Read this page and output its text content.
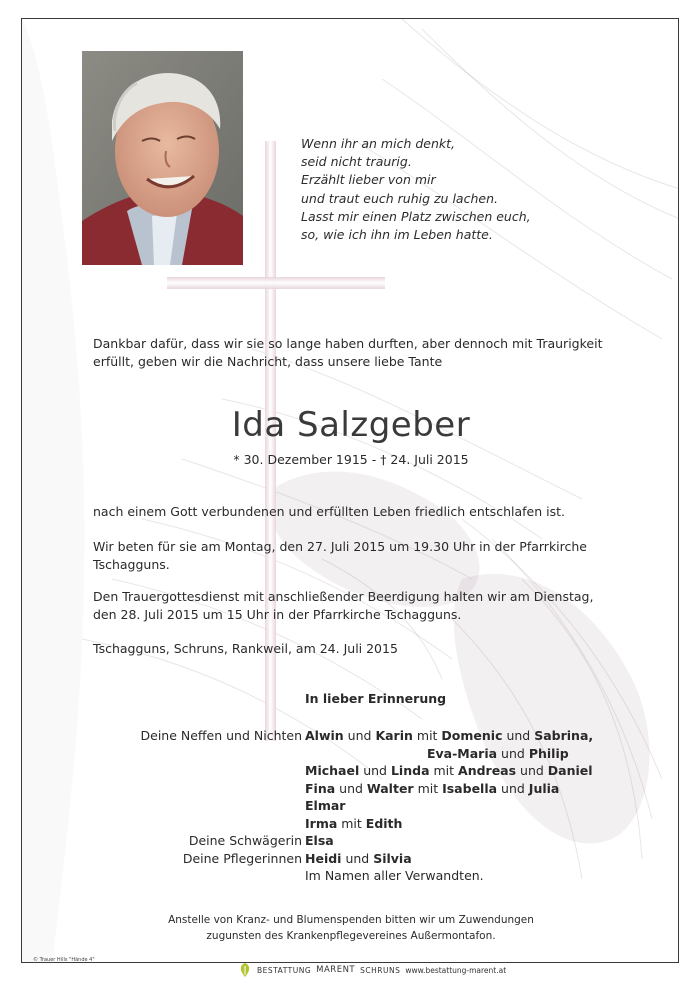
Wenn ihr an mich denkt,
seid nicht traurig.
Erzählt lieber von mir
und traut euch ruhig zu lachen.
Lasst mir einen Platz zwischen euch,
so, wie ich ihn im Leben hatte.
Dankbar dafür, dass wir sie so lange haben durften, aber dennoch mit Traurigkeit
erfüllt, geben wir die Nachricht, dass unsere liebe Tante
Ida Salzgeber
* 30. Dezember 1915 - † 24. Juli 2015
nach einem Gott verbundenen und erfüllten Leben friedlich entschlafen ist.
Wir beten für sie am Montag, den 27. Juli 2015 um 19.30 Uhr in der Pfarrkirche
Tschagguns.
Den Trauergottesdienst mit anschließender Beerdigung halten wir am Dienstag,
den 28. Juli 2015 um 15 Uhr in der Pfarrkirche Tschagguns.
Tschagguns, Schruns, Rankweil, am 24. Juli 2015
In lieber Erinnerung
Deine Neffen und Nichten Alwin und Karin mit Domenic und Sabrina,
Eva-Maria und Philip
Michael und Linda mit Andreas und Daniel
Fina und Walter mit Isabella und Julia
Elmar
Irma mit Edith
Deine Schwägerin Elsa
Deine Pflegerinnen Heidi und Silvia
Im Namen aller Verwandten.
Anstelle von Kranz- und Blumenspenden bitten wir um Zuwendungen
zugunsten des Krankenpflegevereines Außermontafon.
© Trauer Hills "Hände 4"
BESTATTUNG MARENT SCHRUNS www.bestattung-marent.at
